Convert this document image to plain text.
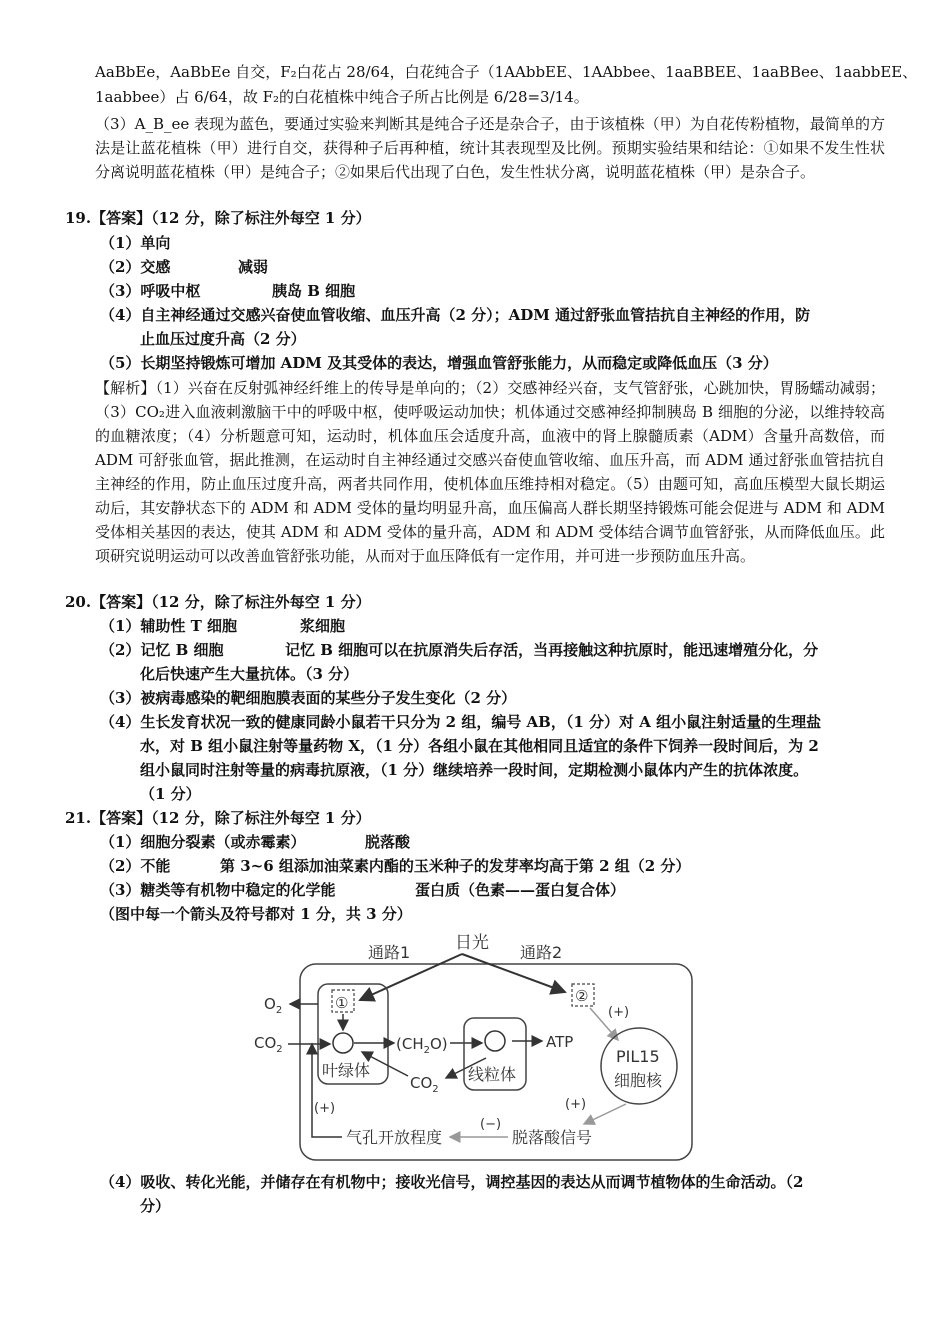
AaBbEe，AaBbEe 自交，F₂白花占 28/64，白花纯合子（1AAbbEE、1AAbbee、1aaBBEE、1aaBBee、1aabbEE、
1aabbee）占 6/64，故 F₂的白花植株中纯合子所占比例是 6/28=3/14。
（3）A_B_ee 表现为蓝色，要通过实验来判断其是纯合子还是杂合子，由于该植株（甲）为自花传粉植物，最简单的方法是让蓝花植株（甲）进行自交，获得种子后再种植，统计其表现型及比例。预期实验结果和结论：①如果不发生性状分离说明蓝花植株（甲）是纯合子；②如果后代出现了白色，发生性状分离，说明蓝花植株（甲）是杂合子。
19.【答案】（12 分，除了标注外每空 1 分）
（1）单向
（2）交感	减弱
（3）呼吸中枢	胰岛 B 细胞
（4）自主神经通过交感兴奋使血管收缩、血压升高（2 分）；ADM 通过舒张血管拮抗自主神经的作用，防
止血压过度升高（2 分）
（5）长期坚持锻炼可增加 ADM 及其受体的表达，增强血管舒张能力，从而稳定或降低血压（3 分）
【解析】（1）兴奋在反射弧神经纤维上的传导是单向的；（2）交感神经兴奋，支气管舒张，心跳加快，胃肠蠕动减弱；（3）CO₂进入血液刺激脑干中的呼吸中枢，使呼吸运动加快；机体通过交感神经抑制胰岛 B 细胞的分泌，以维持较高的血糖浓度；（4）分析题意可知，运动时，机体血压会适度升高，血液中的肾上腺髓质素（ADM）含量升高数倍，而 ADM 可舒张血管，据此推测，在运动时自主神经通过交感兴奋使血管收缩、血压升高，而 ADM 通过舒张血管拮抗自主神经的作用，防止血压过度升高，两者共同作用，使机体血压维持相对稳定。（5）由题可知，高血压模型大鼠长期运动后，其安静状态下的 ADM 和 ADM 受体的量均明显升高，血压偏高人群长期坚持锻炼可能会促进与 ADM 和 ADM 受体相关基因的表达，使其 ADM 和 ADM 受体的量升高，ADM 和 ADM 受体结合调节血管舒张，从而降低血压。此项研究说明运动可以改善血管舒张功能，从而对于血压降低有一定作用，并可进一步预防血压升高。
20.【答案】（12 分，除了标注外每空 1 分）
（1）辅助性 T 细胞	浆细胞
（2）记忆 B 细胞	记忆 B 细胞可以在抗原消失后存活，当再接触这种抗原时，能迅速增殖分化，分
化后快速产生大量抗体。（3 分）
（3）被病毒感染的靶细胞膜表面的某些分子发生变化（2 分）
（4）生长发育状况一致的健康同龄小鼠若干只分为 2 组，编号 AB，（1 分）对 A 组小鼠注射适量的生理盐
水，对 B 组小鼠注射等量药物 X，（1 分）各组小鼠在其他相同且适宜的条件下饲养一段时间后，为 2
组小鼠同时注射等量的病毒抗原液，（1 分）继续培养一段时间，定期检测小鼠体内产生的抗体浓度。
（1 分）
21.【答案】（12 分，除了标注外每空 1 分）
（1）细胞分裂素（或赤霉素）	脱落酸
（2）不能	第 3~6 组添加油菜素内酯的玉米种子的发芽率均高于第 2 组（2 分）
（3）糖类等有机物中稳定的化学能	蛋白质（色素——蛋白复合体）
（图中每一个箭头及符号都对 1 分，共 3 分）
日光
通路1	通路2
①
叶绿体
$O_2$
$CO_2$	$(CH_2O)$
$CO_2$
线粒体
ATP
②
(+)
PIL15
细胞核
(+)
脱落酸信号
(−)
气孔开放程度
(+)
（4）吸收、转化光能，并储存在有机物中；接收光信号，调控基因的表达从而调节植物体的生命活动。（2
分）
